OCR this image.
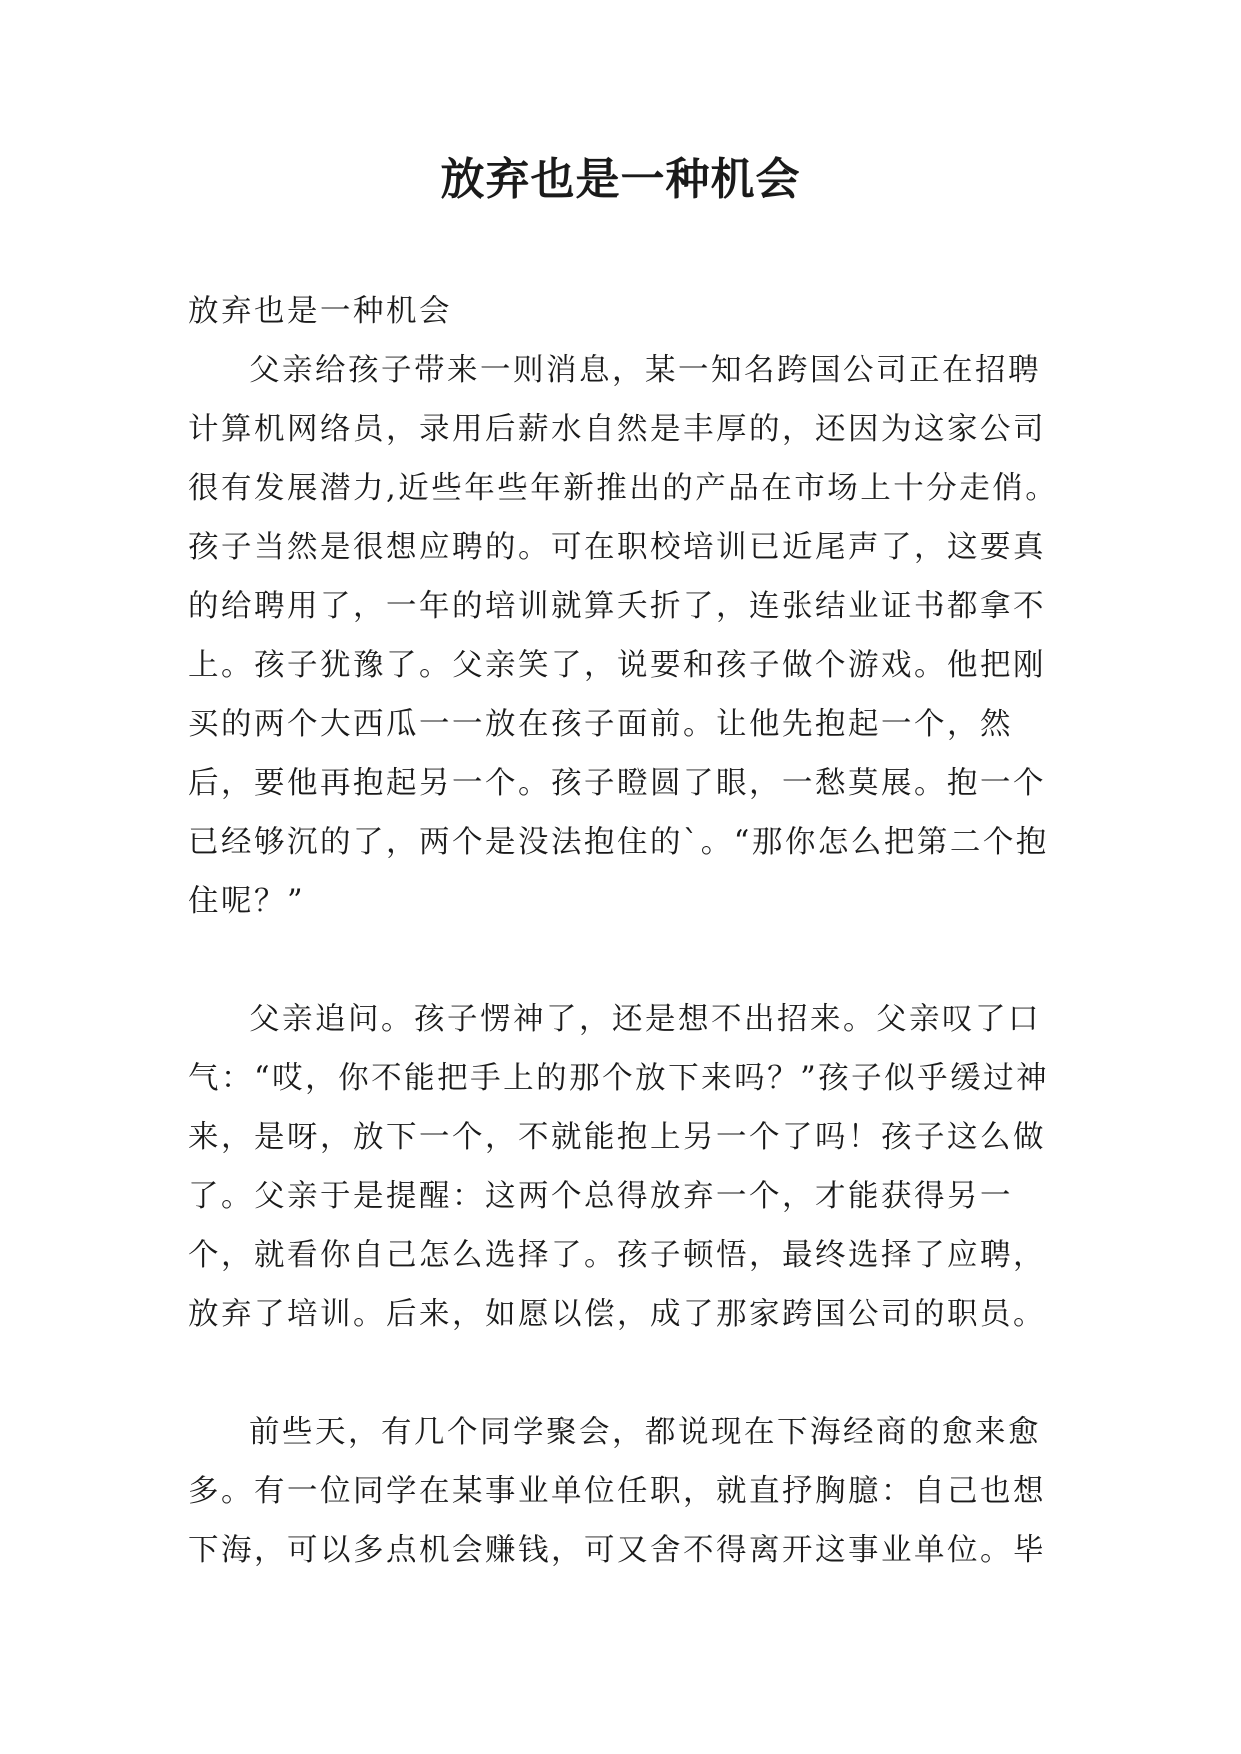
放弃也是一种机会

放弃也是一种机会

父亲给孩子带来一则消息，某一知名跨国公司正在招聘计算机网络员，录用后薪水自然是丰厚的，还因为这家公司很有发展潜力,近些年些年新推出的产品在市场上十分走俏。孩子当然是很想应聘的。可在职校培训已近尾声了，这要真的给聘用了，一年的培训就算夭折了，连张结业证书都拿不上。孩子犹豫了。父亲笑了，说要和孩子做个游戏。他把刚买的两个大西瓜一一放在孩子面前。让他先抱起一个，然后，要他再抱起另一个。孩子瞪圆了眼，一愁莫展。抱一个已经够沉的了，两个是没法抱住的`。“那你怎么把第二个抱住呢？”

父亲追问。孩子愣神了，还是想不出招来。父亲叹了口气：“哎，你不能把手上的那个放下来吗？”孩子似乎缓过神来，是呀，放下一个，不就能抱上另一个了吗！孩子这么做了。父亲于是提醒：这两个总得放弃一个，才能获得另一个，就看你自己怎么选择了。孩子顿悟，最终选择了应聘，放弃了培训。后来，如愿以偿，成了那家跨国公司的职员。

前些天，有几个同学聚会，都说现在下海经商的愈来愈多。有一位同学在某事业单位任职，就直抒胸臆：自己也想下海，可以多点机会赚钱，可又舍不得离开这事业单位。毕
